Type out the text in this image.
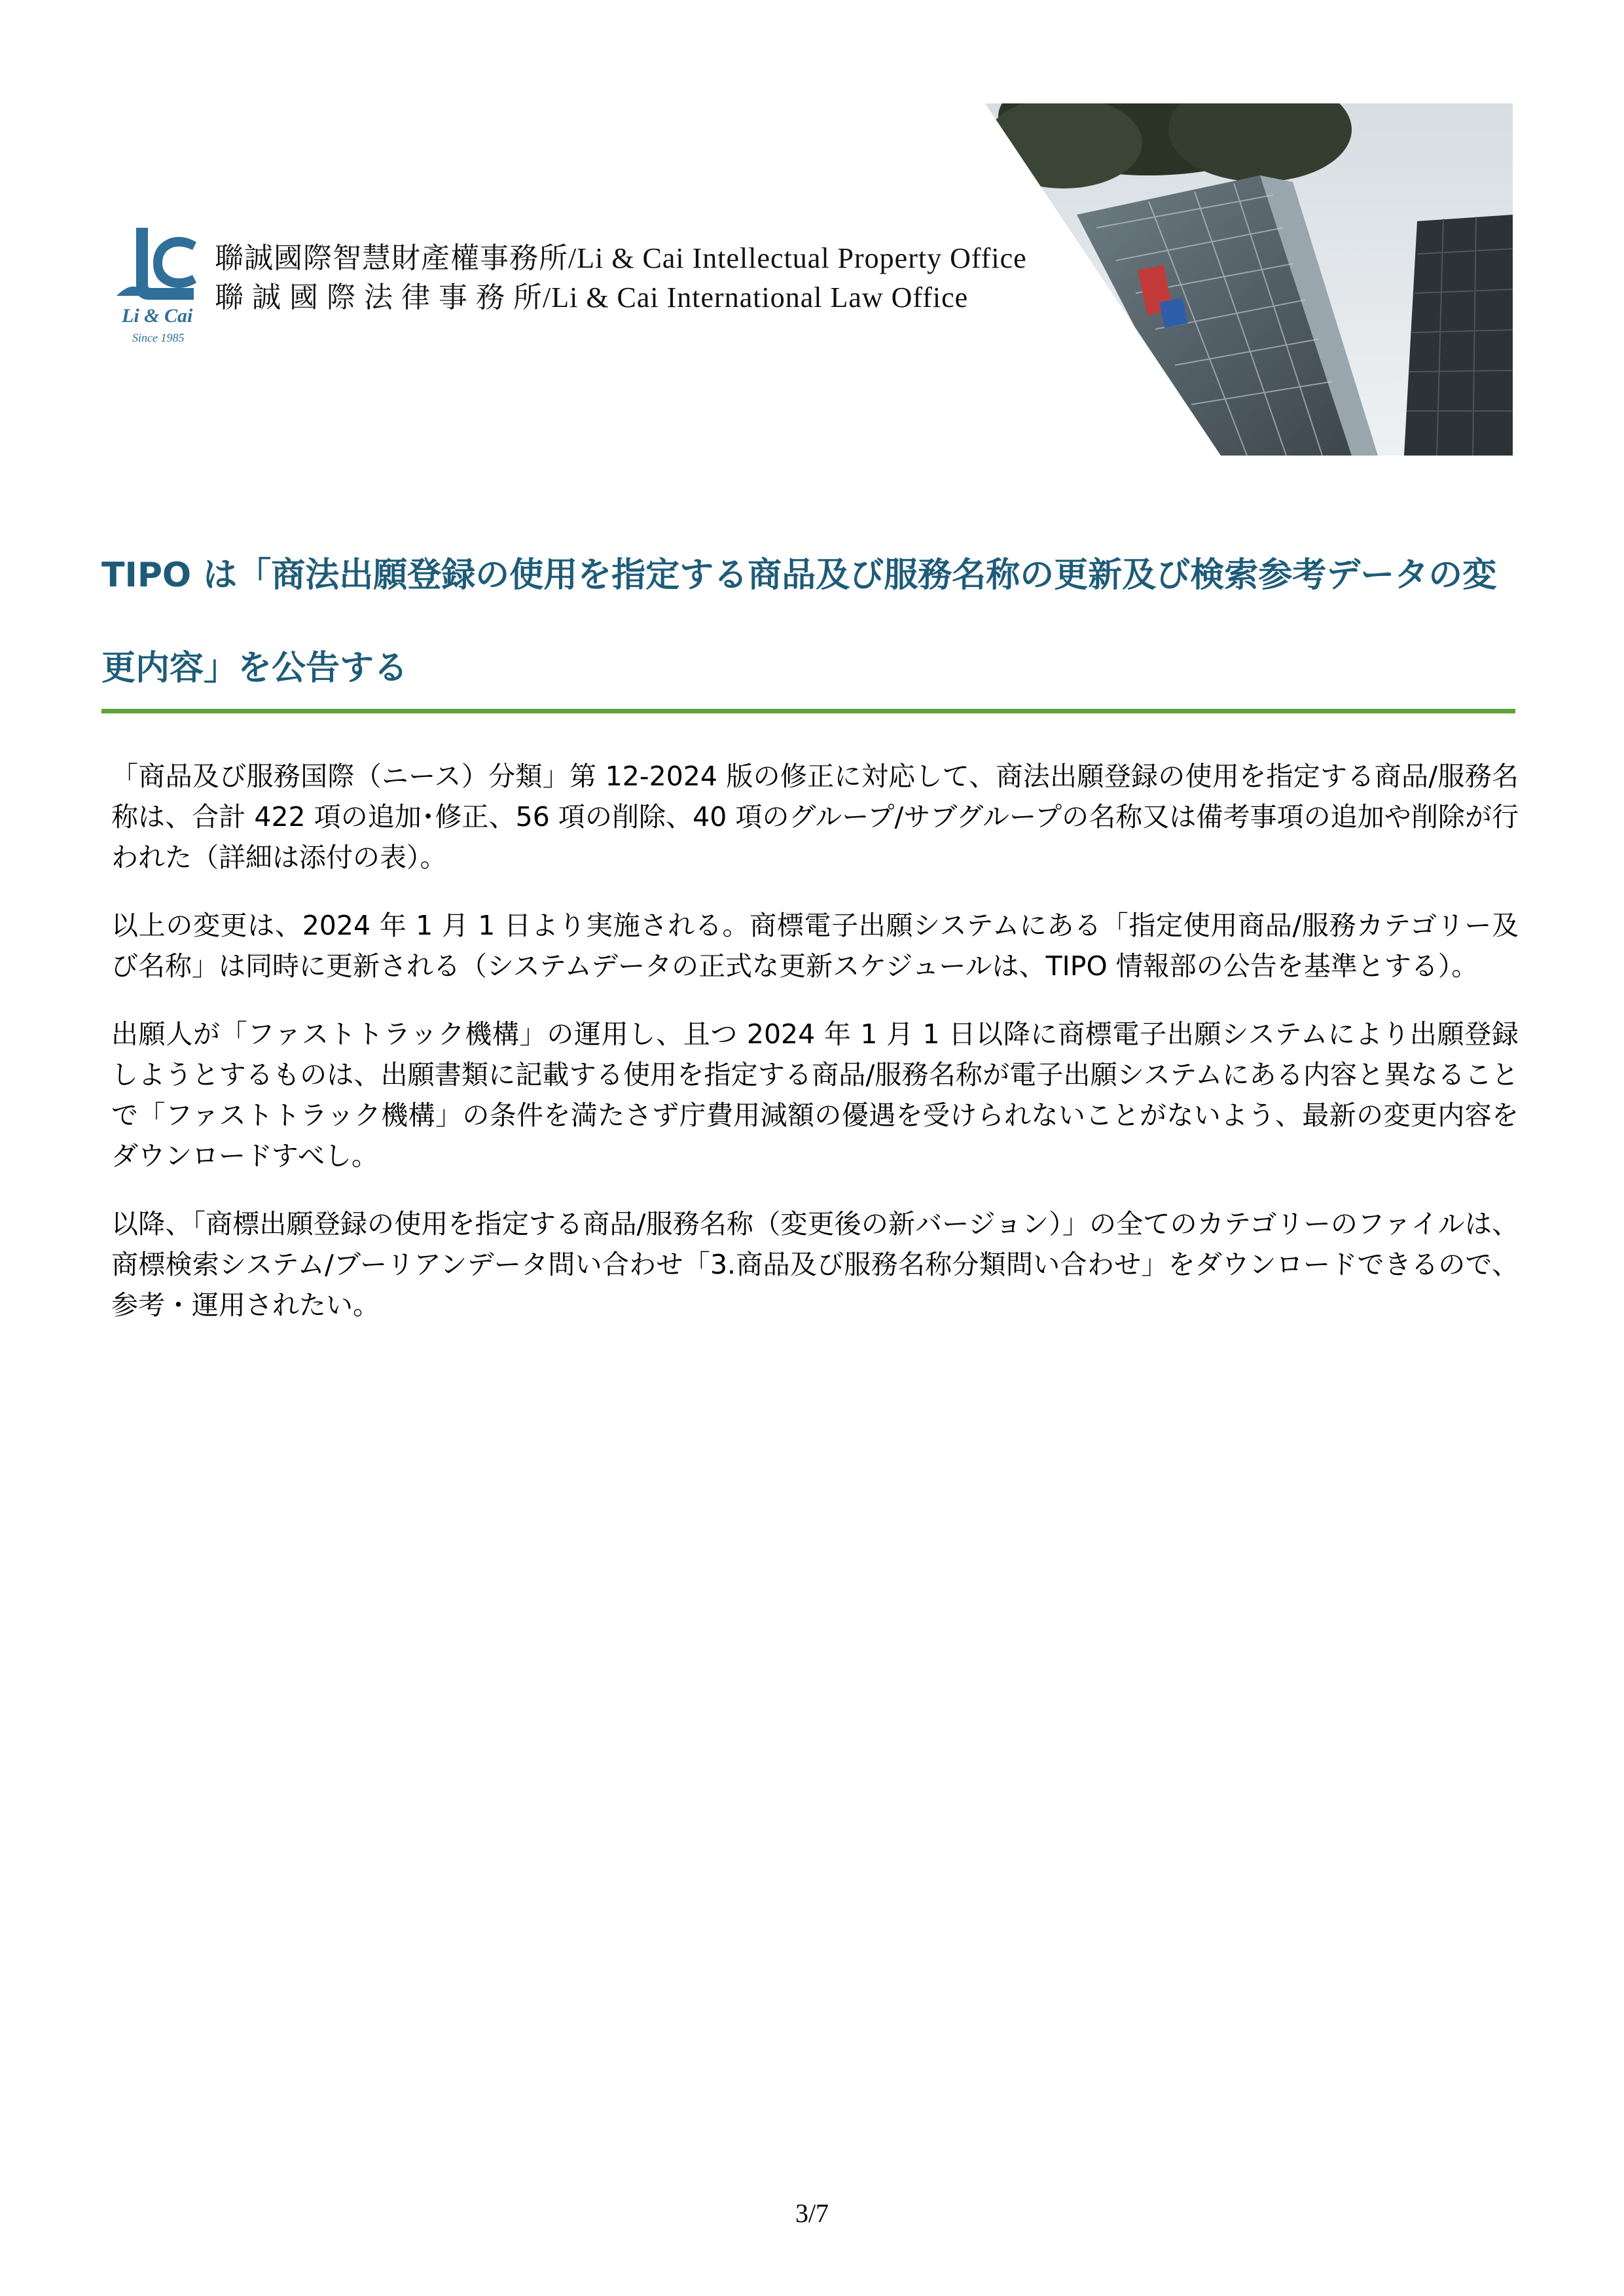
Li & Cai
Since 1985
聯誠國際智慧財產權事務所/Li & Cai Intellectual Property Office
聯 誠 國 際 法 律 事 務 所/Li & Cai International Law Office
TIPO は「商法出願登録の使用を指定する商品及び服務名称の更新及び検索参考データの変更内容」を公告する

「商品及び服務国際（ニース）分類」第 12-2024 版の修正に対応して、商法出願登録の使用を指定する商品/服務名称は、合計 422 項の追加･修正、56 項の削除、40 項のグループ/サブグループの名称又は備考事項の追加や削除が行われた（詳細は添付の表）。

以上の変更は、2024 年 1 月 1 日より実施される。商標電子出願システムにある「指定使用商品/服務カテゴリー及び名称」は同時に更新される（システムデータの正式な更新スケジュールは、TIPO 情報部の公告を基準とする）。

出願人が「ファストトラック機構」の運用し、且つ 2024 年 1 月 1 日以降に商標電子出願システムにより出願登録しようとするものは、出願書類に記載する使用を指定する商品/服務名称が電子出願システムにある内容と異なることで「ファストトラック機構」の条件を満たさず庁費用減額の優遇を受けられないことがないよう、最新の変更内容をダウンロードすべし。

以降、「商標出願登録の使用を指定する商品/服務名称（変更後の新バージョン）」の全てのカテゴリーのファイルは、商標検索システム/ブーリアンデータ問い合わせ「3.商品及び服務名称分類問い合わせ」をダウンロードできるので、参考・運用されたい。

3/7
